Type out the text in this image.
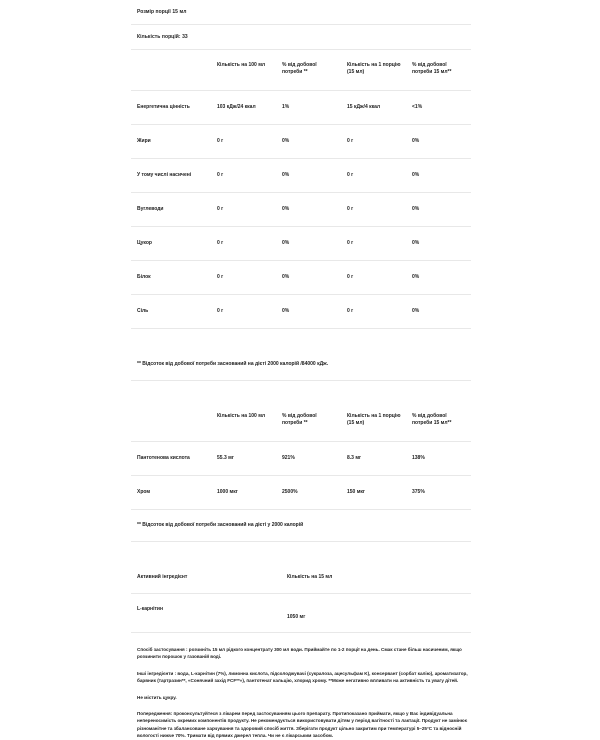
Розмір порції 15 мл
Кількість порцій: 33
	Кількість на 100 мл	% від добової потреби **	Кількість на 1 порцію (15 мл)	% від добової потреби 15 мл**
Енергетична цінність	103 кДж/24 ккал	1%	15 кДж/4 ккал	<1%
Жири	0 г	0%	0 г	0%
У тому числі насичені	0 г	0%	0 г	0%
Вуглеводи	0 г	0%	0 г	0%
Цукор	0 г	0%	0 г	0%
Білок	0 г	0%	0 г	0%
Сіль	0 г	0%	0 г	0%
** Відсоток від добової потреби заснований на дієті 2000 калорій /84000 кДж.
	Кількість на 100 мл	% від добової потреби **	Кількість на 1 порцію (15 мл)	% від добової потреби 15 мл**
Пантотенова кислота	55.3 мг	921%	8.3 мг	138%
Хром	1000 мкг	2500%	150 мкг	375%
** Відсоток від добової потреби заснований на дієті у 2000 калорій
Активний інгредієнт	Кількість на 15 мл
L-карнітин	1050 мг

Спосіб застосування : розчиніть 15 мл рідкого концентрату 300 мл води. Приймайте по 1-2 порції на день. Смак стане більш насиченим, якщо розчинити порошок у газованій воді.

Інші інгредієнти : вода, L-карнітин (7%), лимонна кислота, підсолоджувачі (сукралоза, ацесульфам K), консервант (сорбат калію), ароматизатор, барвник (тартразин**, «Сонячний захід FCF**»), пантотенат кальцію, хлорид хрому. **Може негативно впливати на активність та увагу дітей.

Не містить цукру.

Попередження: проконсультуйтеся з лікарем перед застосуванням цього препарату. Протипоказано приймати, якщо у Вас індивідуальна непереносимість окремих компонентів продукту. Не рекомендується використовувати дітям у період вагітності та лактації. Продукт не замінює різноманітне та збалансоване харчування та здоровий спосіб життя. Зберігати продукт цільно закритим при температурі 5–25°C та відносній вологості нижче 70%. Тримати від прямих джерел тепла. Чи не є лікарським засобом.
